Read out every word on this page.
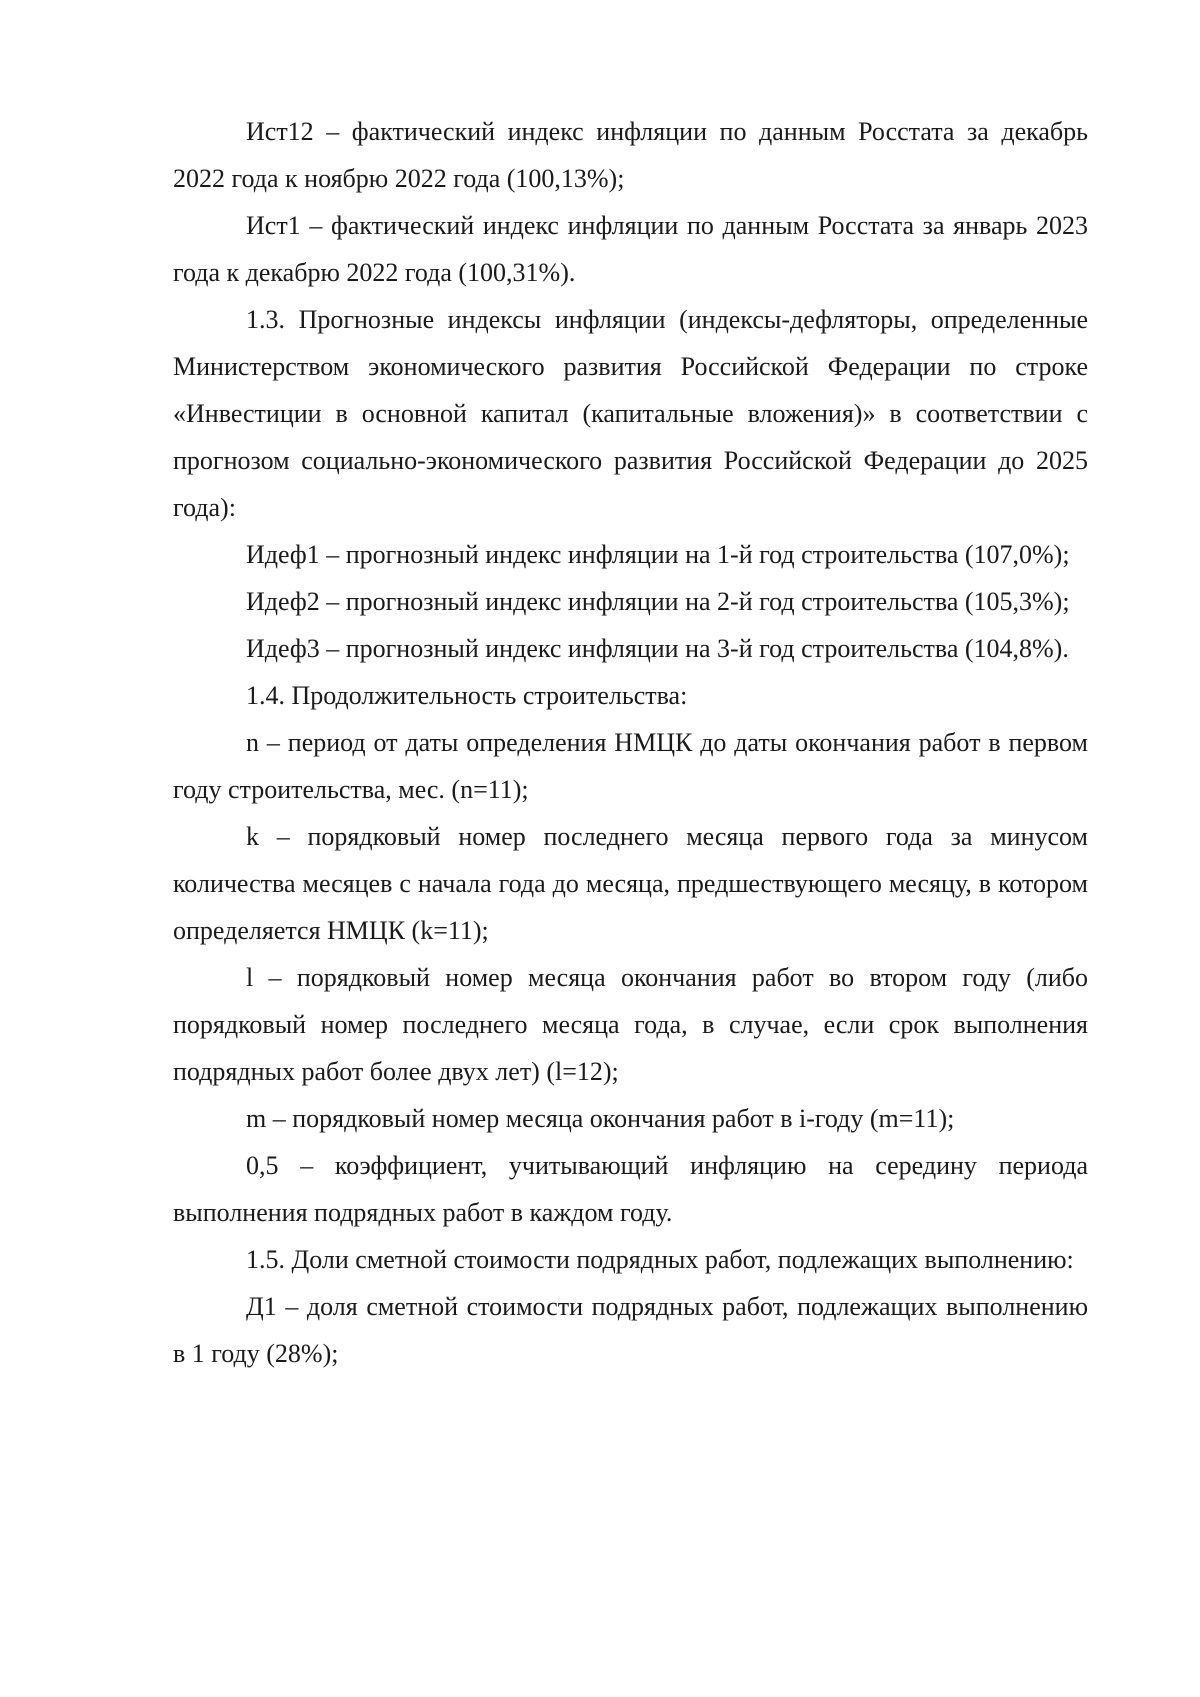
Ист12 – фактический индекс инфляции по данным Росстата за декабрь 2022 года к ноябрю 2022 года (100,13%);

Ист1 – фактический индекс инфляции по данным Росстата за январь 2023 года к декабрю 2022 года (100,31%).

1.3. Прогнозные индексы инфляции (индексы-дефляторы, определенные Министерством экономического развития Российской Федерации по строке «Инвестиции в основной капитал (капитальные вложения)» в соответствии с прогнозом социально-экономического развития Российской Федерации до 2025 года):

Идеф1 – прогнозный индекс инфляции на 1-й год строительства (107,0%);

Идеф2 – прогнозный индекс инфляции на 2-й год строительства (105,3%);

Идеф3 – прогнозный индекс инфляции на 3-й год строительства (104,8%).

1.4. Продолжительность строительства:

n – период от даты определения НМЦК до даты окончания работ в первом году строительства, мес. (n=11);

k – порядковый номер последнего месяца первого года за минусом количества месяцев с начала года до месяца, предшествующего месяцу, в котором определяется НМЦК (k=11);

l – порядковый номер месяца окончания работ во втором году (либо порядковый номер последнего месяца года, в случае, если срок выполнения подрядных работ более двух лет) (l=12);

m – порядковый номер месяца окончания работ в i-году (m=11);

0,5 – коэффициент, учитывающий инфляцию на середину периода выполнения подрядных работ в каждом году.

1.5. Доли сметной стоимости подрядных работ, подлежащих выполнению:

Д1 – доля сметной стоимости подрядных работ, подлежащих выполнению в 1 году (28%);
